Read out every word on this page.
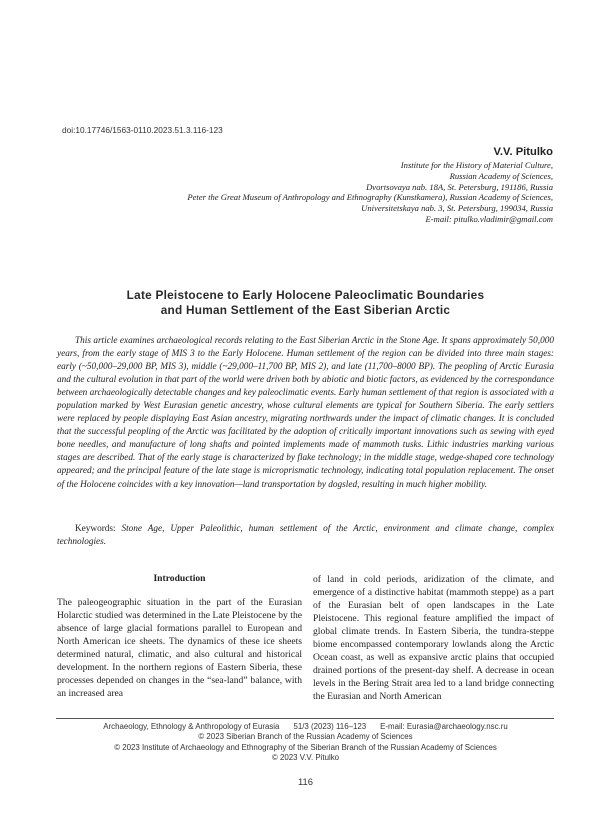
doi:10.17746/1563-0110.2023.51.3.116-123
V.V. Pitulko
Institute for the History of Material Culture,
Russian Academy of Sciences,
Dvortsovaya nab. 18A, St. Petersburg, 191186, Russia
Peter the Great Museum of Anthropology and Ethnography (Kunstkamera), Russian Academy of Sciences,
Universitetskaya nab. 3, St. Petersburg, 199034, Russia
E-mail: pitulko.vladimir@gmail.com
Late Pleistocene to Early Holocene Paleoclimatic Boundaries
and Human Settlement of the East Siberian Arctic

This article examines archaeological records relating to the East Siberian Arctic in the Stone Age. It spans approximately 50,000 years, from the early stage of MIS 3 to the Early Holocene. Human settlement of the region can be divided into three main stages: early (~50,000–29,000 BP, MIS 3), middle (~29,000–11,700 BP, MIS 2), and late (11,700–8000 BP). The peopling of Arctic Eurasia and the cultural evolution in that part of the world were driven both by abiotic and biotic factors, as evidenced by the correspondance between archaeologically detectable changes and key paleoclimatic events. Early human settlement of that region is associated with a population marked by West Eurasian genetic ancestry, whose cultural elements are typical for Southern Siberia. The early settlers were replaced by people displaying East Asian ancestry, migrating northwards under the impact of climatic changes. It is concluded that the successful peopling of the Arctic was facilitated by the adoption of critically important innovations such as sewing with eyed bone needles, and manufacture of long shafts and pointed implements made of mammoth tusks. Lithic industries marking various stages are described. That of the early stage is characterized by flake technology; in the middle stage, wedge-shaped core technology appeared; and the principal feature of the late stage is microprismatic technology, indicating total population replacement. The onset of the Holocene coincides with a key innovation—land transportation by dogsled, resulting in much higher mobility.

Keywords: Stone Age, Upper Paleolithic, human settlement of the Arctic, environment and climate change, complex technologies.

Introduction

The paleogeographic situation in the part of the Eurasian Holarctic studied was determined in the Late Pleistocene by the absence of large glacial formations parallel to European and North American ice sheets. The dynamics of these ice sheets determined natural, climatic, and also cultural and historical development. In the northern regions of Eastern Siberia, these processes depended on changes in the “sea-land” balance, with an increased area

of land in cold periods, aridization of the climate, and emergence of a distinctive habitat (mammoth steppe) as a part of the Eurasian belt of open landscapes in the Late Pleistocene. This regional feature amplified the impact of global climate trends. In Eastern Siberia, the tundra-steppe biome encompassed contemporary lowlands along the Arctic Ocean coast, as well as expansive arctic plains that occupied drained portions of the present-day shelf. A decrease in ocean levels in the Bering Strait area led to a land bridge connecting the Eurasian and North American

Archaeology, Ethnology & Anthropology of Eurasia 51/3 (2023) 116–123 E-mail: Eurasia@archaeology.nsc.ru
© 2023 Siberian Branch of the Russian Academy of Sciences
© 2023 Institute of Archaeology and Ethnography of the Siberian Branch of the Russian Academy of Sciences
© 2023 V.V. Pitulko
116
